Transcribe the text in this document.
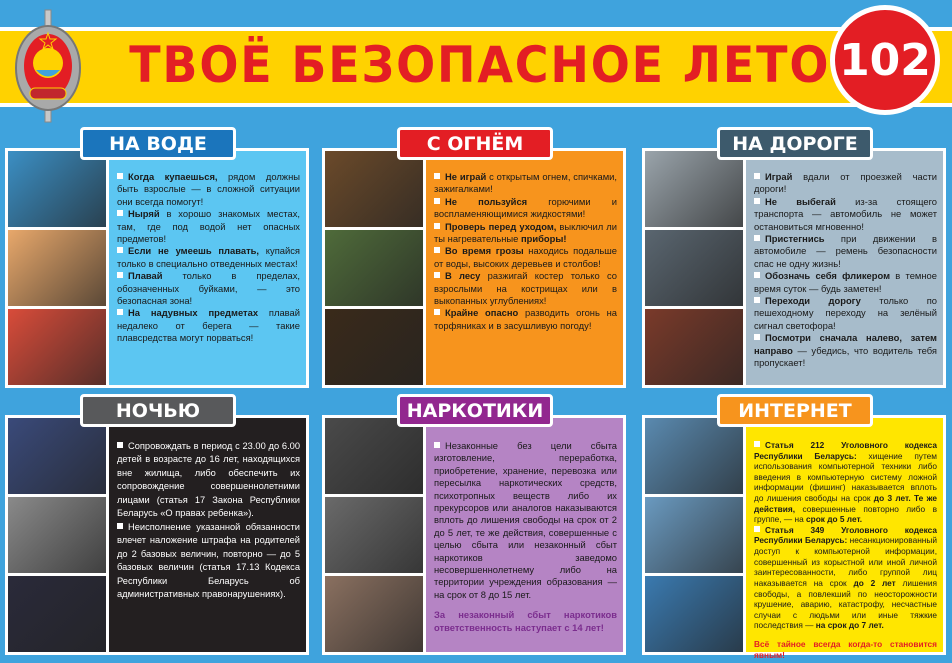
ТВОЁ БЕЗОПАСНОЕ ЛЕТО 102
НА ВОДЕ

Когда купаешься, рядом должны быть взрослые — в сложной ситуации они всегда помогут!

Ныряй в хорошо знакомых местах, там, где под водой нет опасных предметов!

Если не умеешь плавать, купайся только в специально отведенных местах!

Плавай только в пределах, обозначенных буйками, — это безопасная зона!

На надувных предметах плавай недалеко от берега — такие плавсредства могут порваться!

С ОГНЁМ

Не играй с открытым огнем, спичками, зажигалками!

Не пользуйся горючими и воспламеняющимися жидкостями!

Проверь перед уходом, выключил ли ты нагревательные приборы!

Во время грозы находись подальше от воды, высоких деревьев и столбов!

В лесу разжигай костер только со взрослыми на кострищах или в выкопанных углублениях!

Крайне опасно разводить огонь на торфяниках и в засушливую погоду!

НА ДОРОГЕ

Играй вдали от проезжей части дороги!

Не выбегай из-за стоящего транспорта — автомобиль не может остановиться мгновенно!

Пристегнись при движении в автомобиле — ремень безопасности спас не одну жизнь!

Обозначь себя фликером в темное время суток — будь заметен!

Переходи дорогу только по пешеходному переходу на зелёный сигнал светофора!

Посмотри сначала налево, затем направо — убедись, что водитель тебя пропускает!

НОЧЬЮ

Сопровождать в период с 23.00 до 6.00 детей в возрасте до 16 лет, находящихся вне жилища, либо обеспечить их сопровождение совершеннолетними лицами (статья 17 Закона Республики Беларусь «О правах ребенка»).

Неисполнение указанной обязанности влечет наложение штрафа на родителей до 2 базовых величин, повторно — до 5 базовых величин (статья 17.13 Кодекса Республики Беларусь об административных правонарушениях).

НАРКОТИКИ

Незаконные без цели сбыта изготовление, переработка, приобретение, хранение, перевозка или пересылка наркотических средств, психотропных веществ либо их прекурсоров или аналогов наказываются вплоть до лишения свободы на срок от 2 до 5 лет, те же действия, совершенные с целью сбыта или незаконный сбыт наркотиков заведомо несовершеннолетнему либо на территории учреждения образования — на срок от 8 до 15 лет.

За незаконный сбыт наркотиков ответственность наступает с 14 лет!
ИНТЕРНЕТ

Статья 212 Уголовного кодекса Республики Беларусь: хищение путем использования компьютерной техники либо введения в компьютерную систему ложной информации (фишинг) наказывается вплоть до лишения свободы на срок до 3 лет. Те же действия, совершенные повторно либо в группе, — на срок до 5 лет.

Статья 349 Уголовного кодекса Республики Беларусь: несанкционированный доступ к компьютерной информации, совершенный из корыстной или иной личной заинтересованности, либо группой лиц наказывается на срок до 2 лет лишения свободы, а повлекший по неосторожности крушение, аварию, катастрофу, несчастные случаи с людьми или иные тяжкие последствия — на срок до 7 лет.

Всё тайное всегда когда-то становится явным!
